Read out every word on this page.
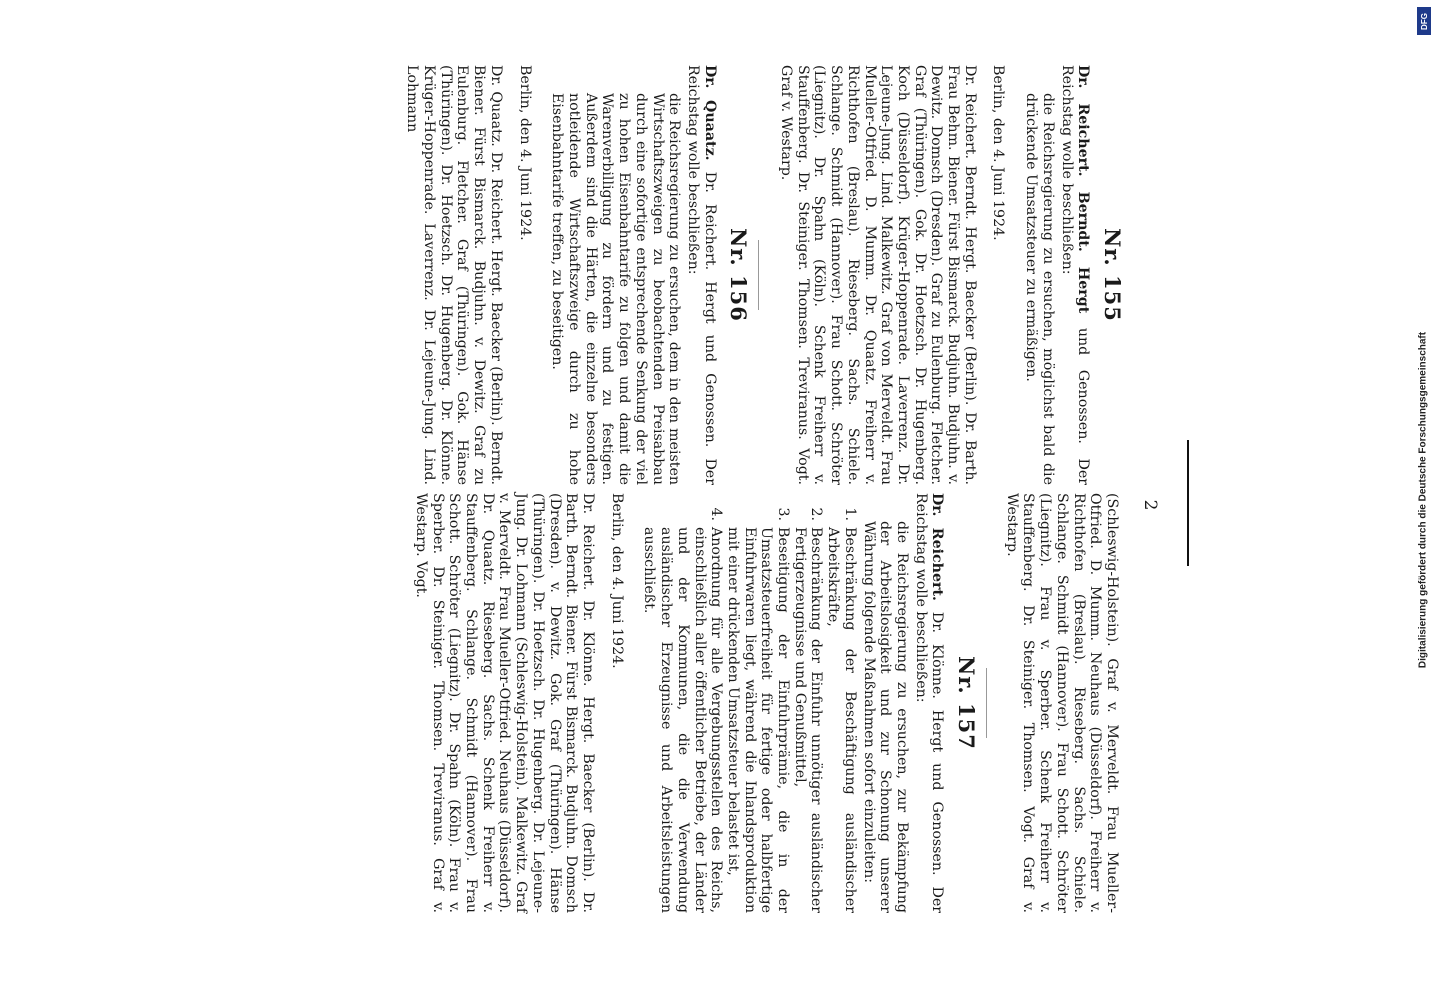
2
Nr. 155

Dr. Reichert. Berndt. Hergt und Genossen. Der Reichstag wolle beschließen:

die Reichsregierung zu ersuchen, möglichst bald die drückende Umsatzsteuer zu ermäßigen.

Berlin, den 4. Juni 1924.

Dr. Reichert. Berndt. Hergt. Baecker (Berlin). Dr. Barth. Frau Behm. Biener. Fürst Bismarck. Budjuhn. Budjuhn. v. Dewitz. Domsch (Dresden). Graf zu Eulenburg. Fletcher. Graf (Thüringen). Gok. Dr. Hoetzsch. Dr. Hugenberg. Koch (Düsseldorf). Krüger-Hoppenrade. Laverrenz. Dr. Lejeune-Jung. Lind. Malkewitz. Graf von Merveldt. Frau Mueller-Otfried. D. Mumm. Dr. Quaatz. Freiherr v. Richthofen (Breslau). Rieseberg. Sachs. Schiele. Schlange. Schmidt (Hannover). Frau Schott. Schröter (Liegnitz). Dr. Spahn (Köln). Schenk Freiherr v. Stauffenberg. Dr. Steiniger. Thomsen. Treviranus. Vogt. Graf v. Westarp.

Nr. 156

Dr. Quaatz. Dr. Reichert. Hergt und Genossen. Der Reichstag wolle beschließen:

die Reichsregierung zu ersuchen, dem in den meisten Wirtschaftszweigen zu beobachtenden Preisabbau durch eine sofortige entsprechende Senkung der viel zu hohen Eisenbahntarife zu folgen und damit die Warenverbilligung zu fördern und zu festigen. Außerdem sind die Härten, die einzelne besonders notleidende Wirtschaftszweige durch zu hohe Eisenbahntarife treffen, zu beseitigen.

Berlin, den 4. Juni 1924.

Dr. Quaatz. Dr. Reichert. Hergt. Baecker (Berlin). Berndt. Biener. Fürst Bismarck. Budjuhn. v. Dewitz. Graf zu Eulenburg. Fletcher. Graf (Thüringen). Gok. Hänse (Thüringen). Dr. Hoetzsch. Dr. Hugenberg. Dr. Klönne. Krüger-Hoppenrade. Laverrenz. Dr. Lejeune-Jung. Lind. Lohmann

(Schleswig-Holstein). Graf v. Merveldt. Frau Mueller-Otfried. D. Mumm. Neuhaus (Düsseldorf). Freiherr v. Richthofen (Breslau). Rieseberg. Sachs. Schiele. Schlange. Schmidt (Hannover). Frau Schott. Schröter (Liegnitz). Frau v. Sperber. Schenk Freiherr v. Stauffenberg. Dr. Steiniger. Thomsen. Vogt. Graf v. Westarp.

Nr. 157

Dr. Reichert. Dr. Klönne. Hergt und Genossen. Der Reichstag wolle beschließen:

die Reichsregierung zu ersuchen, zur Bekämpfung der Arbeitslosigkeit und zur Schonung unserer Währung folgende Maßnahmen sofort einzuleiten:

1.
Beschränkung der Beschäftigung ausländischer Arbeitskräfte,
2.
Beschränkung der Einfuhr unnötiger ausländischer Fertigerzeugnisse und Genußmittel,
3.
Beseitigung der Einfuhrprämie, die in der Umsatzsteuerfreiheit für fertige oder halbfertige Einfuhrwaren liegt, während die Inlandsproduktion mit einer drückenden Umsatzsteuer belastet ist,
4.
Anordnung für alle Vergebungsstellen des Reichs, einschließlich aller öffentlicher Betriebe, der Länder und der Kommunen, die die Verwendung ausländischer Erzeugnisse und Arbeitsleistungen ausschließt.

Berlin, den 4. Juni 1924.

Dr. Reichert. Dr. Klönne. Hergt. Baecker (Berlin). Dr. Barth. Berndt. Biener. Fürst Bismarck. Budjuhn. Domsch (Dresden). v. Dewitz. Gok. Graf (Thüringen). Hänse (Thüringen). Dr. Hoetzsch. Dr. Hugenberg. Dr. Lejeune-Jung. Dr. Lohmann (Schleswig-Holstein). Malkewitz. Graf v. Merveldt. Frau Mueller-Otfried. Neuhaus (Düsseldorf). Dr. Quaatz. Rieseberg. Sachs. Schenk Freiherr v. Stauffenberg. Schlange. Schmidt (Hannover). Frau Schott. Schröter (Liegnitz). Dr. Spahn (Köln). Frau v. Sperber. Dr. Steiniger. Thomsen. Treviranus. Graf v. Westarp. Vogt.	Digitalisierung gefördert durch die Deutsche Forschungsgemeinschaft
DFG
